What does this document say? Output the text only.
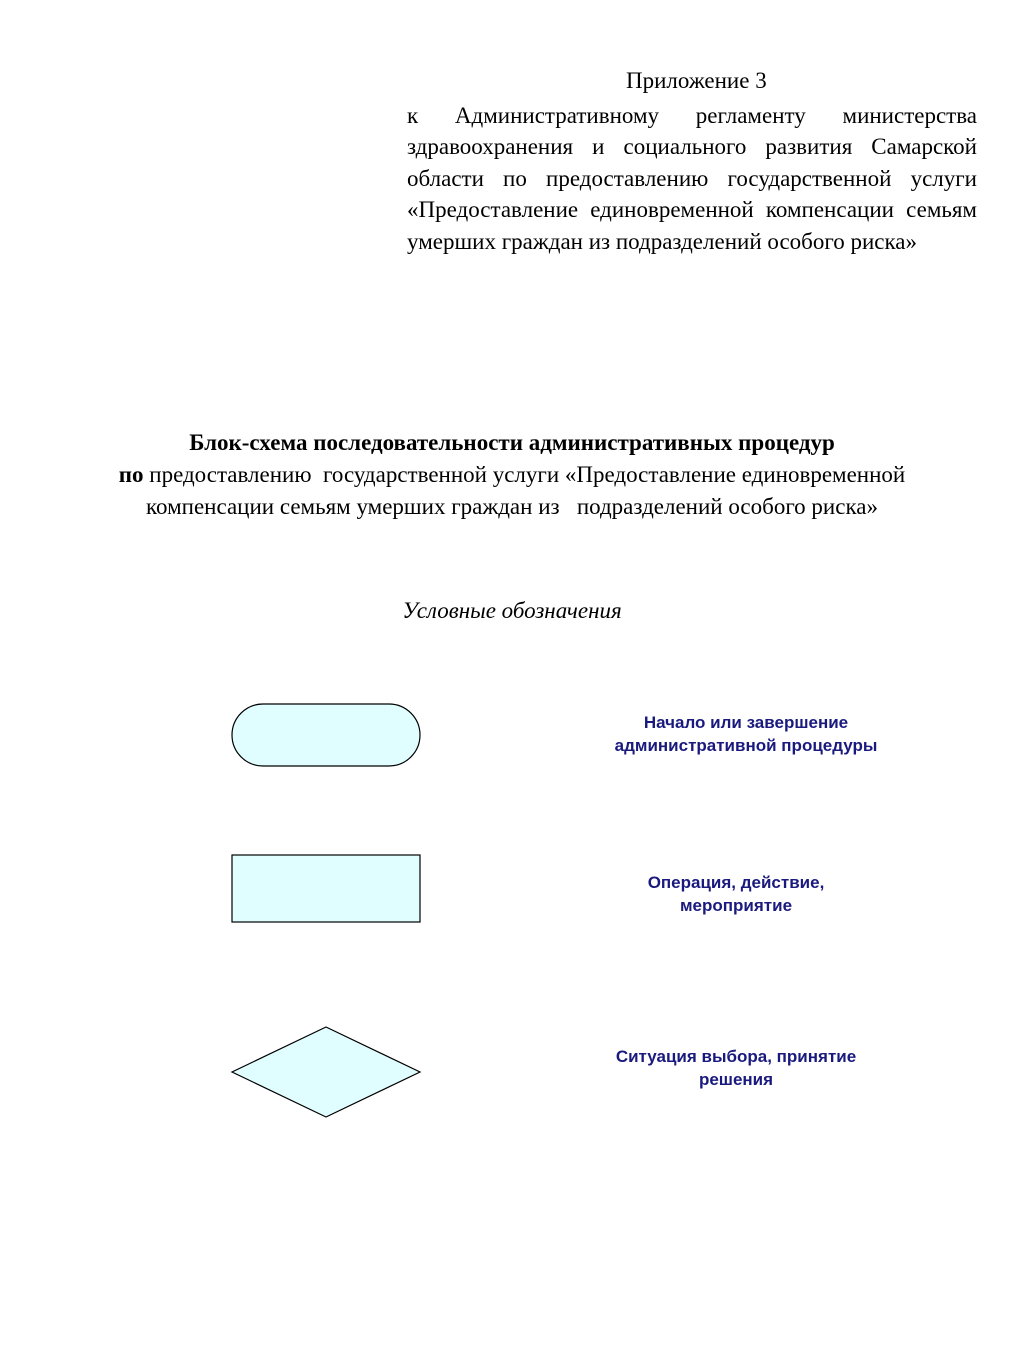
Приложение 3
к Административному регламенту министерства здравоохранения и социального развития Самарской области по предоставлению государственной услуги «Предоставление единовременной компенсации семьям умерших граждан из подразделений особого риска»
Блок-схема последовательности административных процедур
по предоставлению  государственной услуги «Предоставление единовременной
компенсации семьям умерших граждан из   подразделений особого риска»
Условные обозначения
Начало или завершение
административной процедуры
Операция, действие,
мероприятие
Ситуация выбора, принятие
решения
